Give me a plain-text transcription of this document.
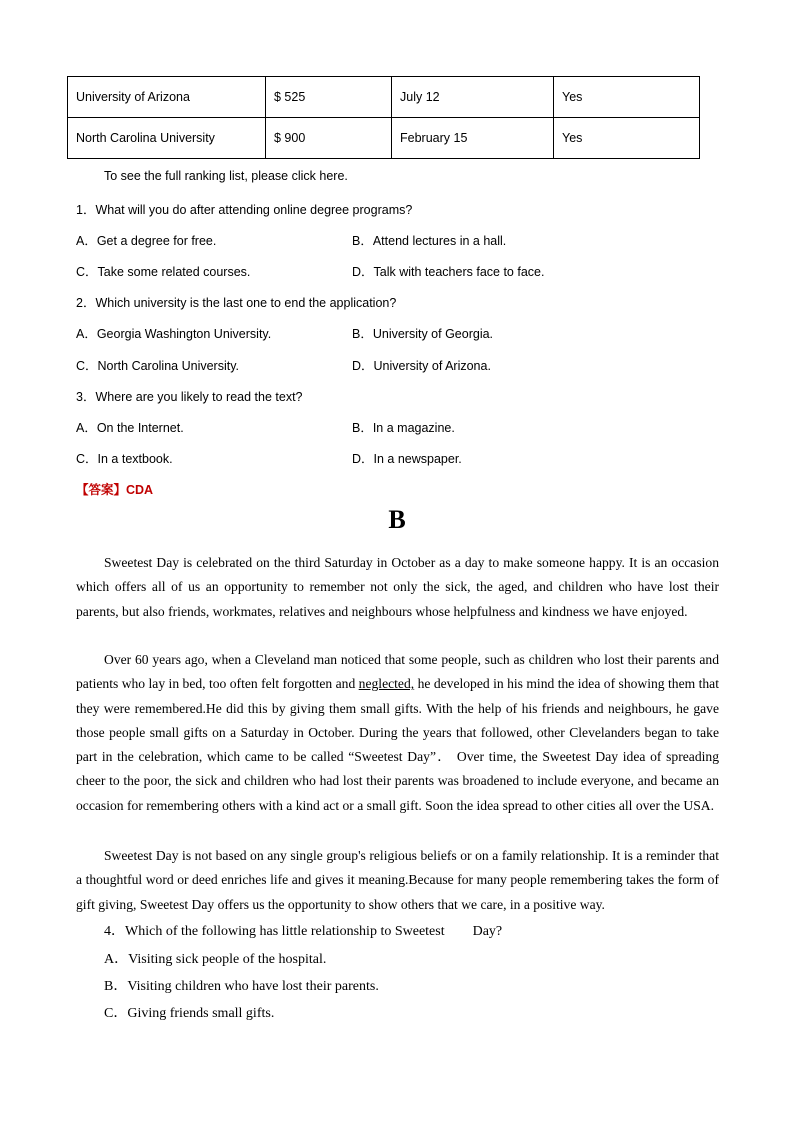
University of Arizona	$ 525	July 12	Yes
North Carolina University	$ 900	February 15	Yes
To see the full ranking list, please click here.
1．What will you do after attending online degree programs?
A．Get a degree for free.	B．Attend lectures in a hall.
C．Take some related courses.	D．Talk with teachers face to face.
2．Which university is the last one to end the application?
A．Georgia Washington University.	B．University of Georgia.
C．North Carolina University.	D．University of Arizona.
3．Where are you likely to read the text?
A．On the Internet.	B．In a magazine.
C．In a textbook.	D．In a newspaper.
【答案】CDA
B
Sweetest Day is celebrated on the third Saturday in October as a day to make someone happy. It is an occasion which offers all of us an opportunity to remember not only the sick, the aged, and children who have lost their parents, but also friends, workmates, relatives and neighbours whose helpfulness and kindness we have enjoyed.
Over 60 years ago, when a Cleveland man noticed that some people, such as children who lost their parents and patients who lay in bed, too often felt forgotten and neglected, he developed in his mind the idea of showing them that they were remembered.He did this by giving them small gifts. With the help of his friends and neighbours, he gave those people small gifts on a Saturday in October. During the years that followed, other Clevelanders began to take part in the celebration, which came to be called “Sweetest Day”． Over time, the Sweetest Day idea of spreading cheer to the poor, the sick and children who had lost their parents was broadened to include everyone, and became an occasion for remembering others with a kind act or a small gift. Soon the idea spread to other cities all over the USA.
Sweetest Day is not based on any single group's religious beliefs or on a family relationship. It is a reminder that a thoughtful word or deed enriches life and gives it meaning.Because for many people remembering takes the form of gift giving, Sweetest Day offers us the opportunity to show others that we care, in a positive way.
4．Which of the following has little relationship to Sweetest　　Day?
A．Visiting sick people of the hospital.
B．Visiting children who have lost their parents.
C．Giving friends small gifts.
